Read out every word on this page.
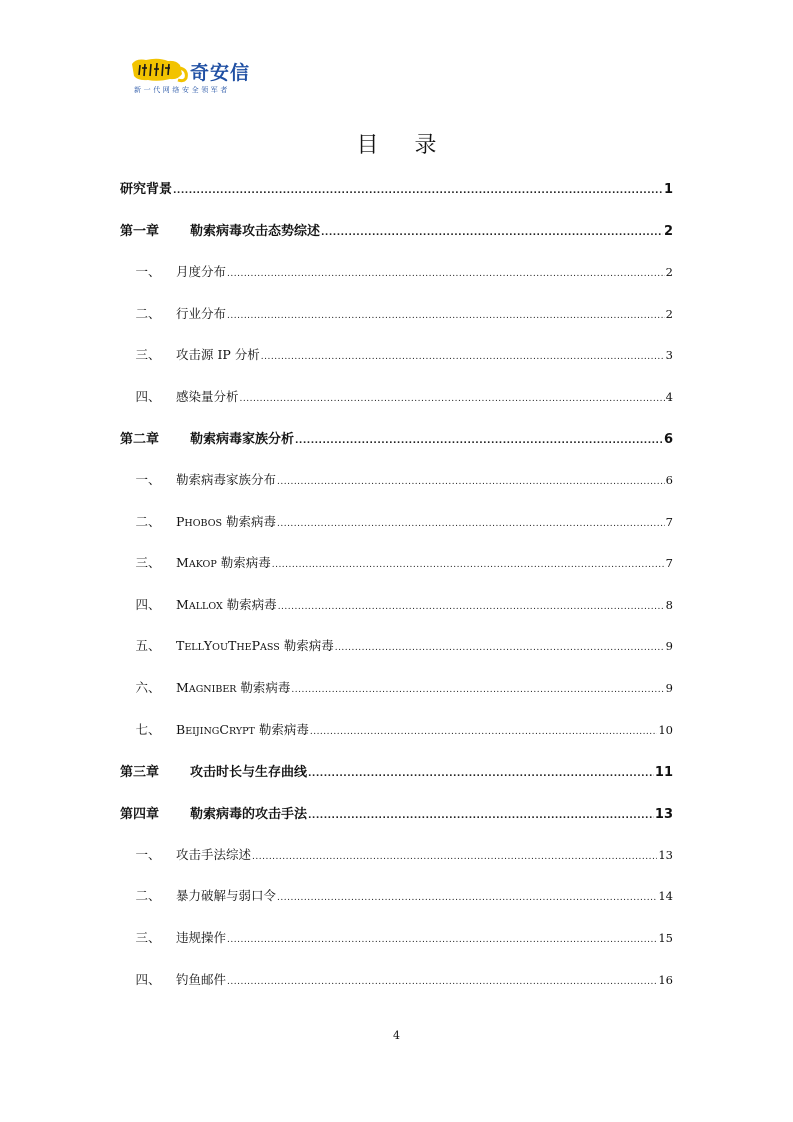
奇安信
新一代网络安全领军者
目录
研究背景 .....	1
第一章	勒索病毒攻击态势综述 .....	2
一、	月度分布 .....	2
二、	行业分布 .....	2
三、	攻击源 IP 分析 .....	3
四、	感染量分析 .....	4
第二章	勒索病毒家族分析 .....	6
一、	勒索病毒家族分布 .....	6
二、	PHOBOS 勒索病毒 .....	7
三、	MAKOP 勒索病毒 .....	7
四、	MALLOX 勒索病毒 .....	8
五、	TELLYOUTHEPASS 勒索病毒 .....	9
六、	MAGNIBER 勒索病毒 .....	9
七、	BEIJINGCRYPT 勒索病毒 .....	10
第三章	攻击时长与生存曲线 .....	11
第四章	勒索病毒的攻击手法 .....	13
一、	攻击手法综述 .....	13
二、	暴力破解与弱口令 .....	14
三、	违规操作 .....	15
四、	钓鱼邮件 .....	16
4
